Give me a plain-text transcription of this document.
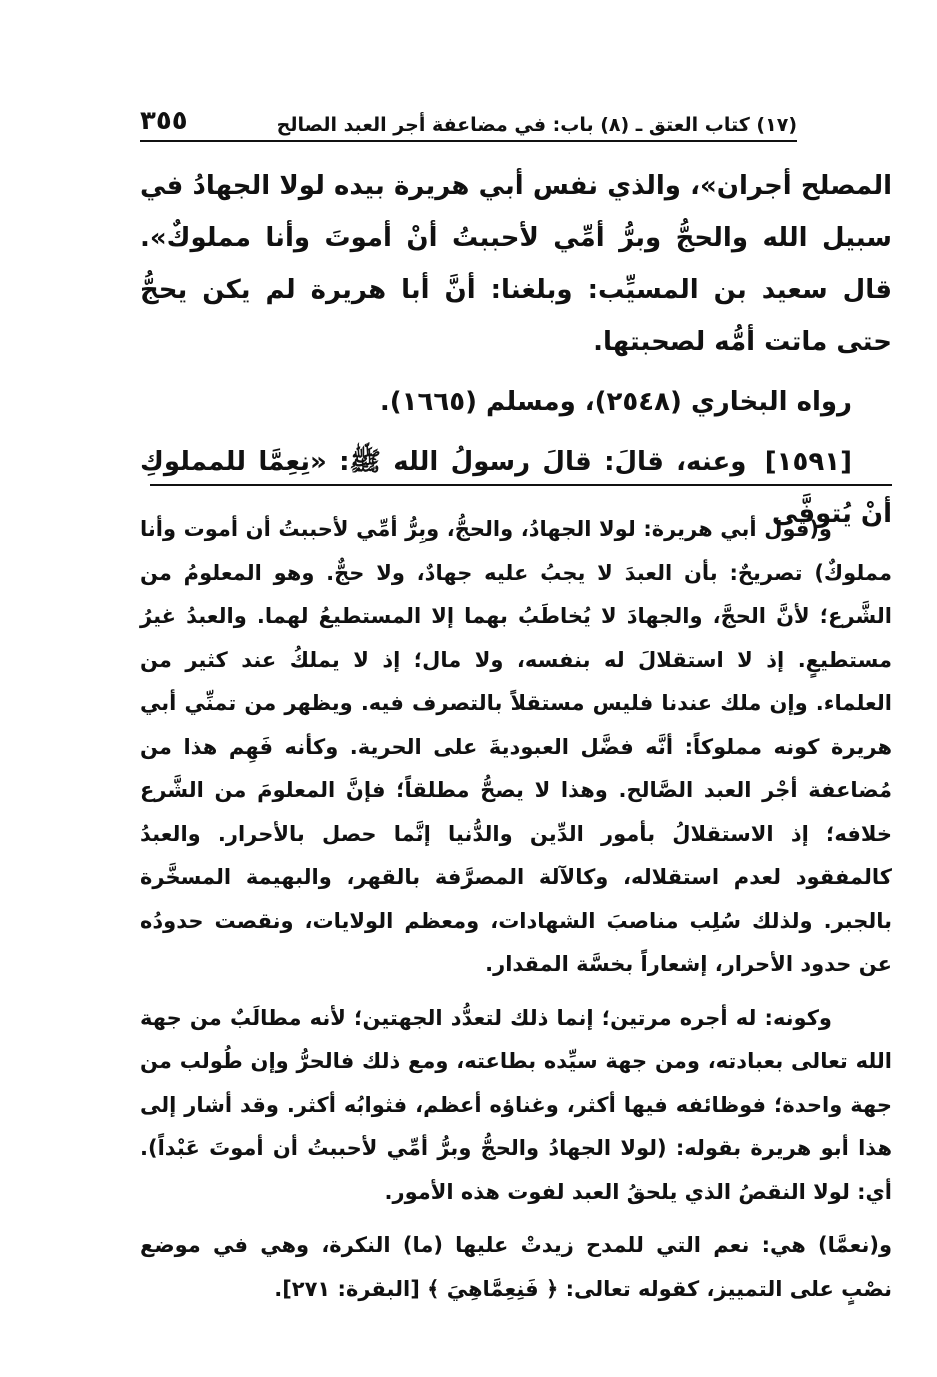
(١٧) كتاب العتق ـ (٨) باب: في مضاعفة أجر العبد الصالح
٣٥٥

المصلح أجران»، والذي نفس أبي هريرة بيده لولا الجهادُ في سبيل الله والحجُّ وبرُّ أمِّي لأحببتُ أنْ أموتَ وأنا مملوكٌ». قال سعيد بن المسيِّب: وبلغنا: أنَّ أبا هريرة لم يكن يحجُّ حتى ماتت أمُّه لصحبتها.

رواه البخاري (٢٥٤٨)، ومسلم (١٦٦٥).

[١٥٩١] وعنه، قالَ: قالَ رسولُ الله ﷺ: «نِعِمَّا للمملوكِ أنْ يُتوفَّى

و(قول أبي هريرة: لولا الجهادُ، والحجُّ، وبِرُّ أمِّي لأحببتُ أن أموت وأنا مملوكٌ) تصريحٌ: بأن العبدَ لا يجبُ عليه جهادٌ، ولا حجٌّ. وهو المعلومُ من الشَّرع؛ لأنَّ الحجَّ، والجهادَ لا يُخاطَبُ بهما إلا المستطيعُ لهما. والعبدُ غيرُ مستطيعٍ. إذ لا استقلالَ له بنفسه، ولا مال؛ إذ لا يملكُ عند كثير من العلماء. وإن ملك عندنا فليس مستقلاً بالتصرف فيه. ويظهر من تمنِّي أبي هريرة كونه مملوكاً: أنَّه فضَّل العبوديةَ على الحرية. وكأنه فَهِم هذا من مُضاعفة أجْر العبد الصَّالح. وهذا لا يصحُّ مطلقاً؛ فإنَّ المعلومَ من الشَّرع خلافه؛ إذ الاستقلالُ بأمور الدِّين والدُّنيا إنَّما حصل بالأحرار. والعبدُ كالمفقود لعدم استقلاله، وكالآلة المصرَّفة بالقهر، والبهيمة المسخَّرة بالجبر. ولذلك سُلِب مناصبَ الشهادات، ومعظم الولايات، ونقصت حدودُه عن حدود الأحرار، إشعاراً بخسَّة المقدار.

وكونه: له أجره مرتين؛ إنما ذلك لتعدُّد الجهتين؛ لأنه مطالَبٌ من جهة الله تعالى بعبادته، ومن جهة سيِّده بطاعته، ومع ذلك فالحرُّ وإن طُولب من جهة واحدة؛ فوظائفه فيها أكثر، وغناؤه أعظم، فثوابُه أكثر. وقد أشار إلى هذا أبو هريرة بقوله: (لولا الجهادُ والحجُّ وبرُّ أمِّي لأحببتُ أن أموتَ عَبْداً). أي: لولا النقصُ الذي يلحقُ العبد لفوت هذه الأمور.

و(نعمَّا) هي: نعم التي للمدح زيدتْ عليها (ما) النكرة، وهي في موضع نصْبٍ على التمييز، كقوله تعالى: ﴿ فَنِعِمَّاهِيَ ﴾ [البقرة: ٢٧١].
